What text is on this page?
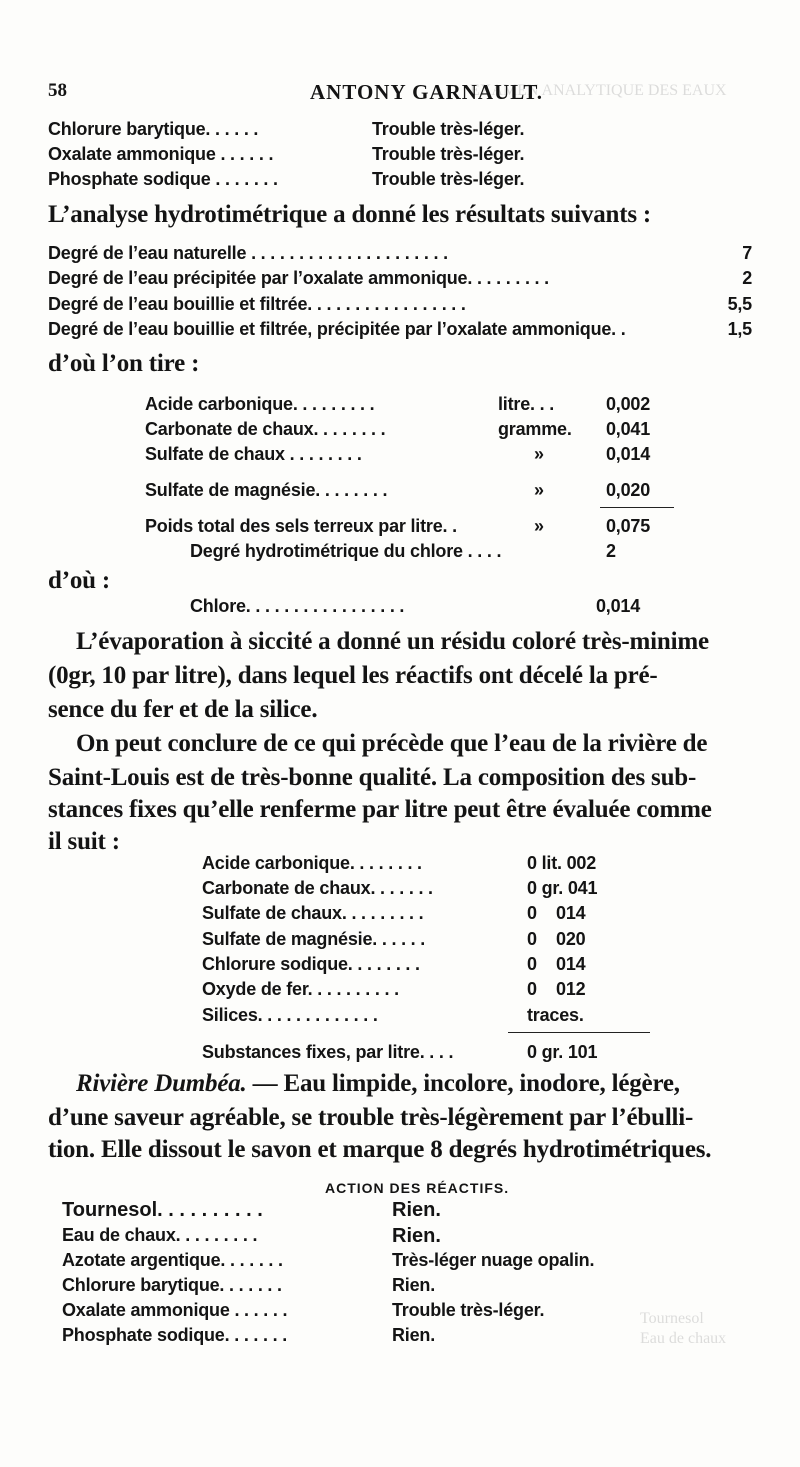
EXAMEN ANALYTIQUE DES EAUX
58	ANTONY GARNAULT.
Chlorure barytique. . . . . .	Trouble très-léger.
Oxalate ammonique . . . . . .	Trouble très-léger.
Phosphate sodique . . . . . . .	Trouble très-léger.
L’analyse hydrotimétrique a donné les résultats suivants :
Degré de l’eau naturelle . . . . . . . . . . . . . . . . . . . . .	7
Degré de l’eau précipitée par l’oxalate ammonique. . . . . . . . .	2
Degré de l’eau bouillie et filtrée. . . . . . . . . . . . . . . . .	5,5
Degré de l’eau bouillie et filtrée, précipitée par l’oxalate ammonique. .	1,5
d’où l’on tire :
Acide carbonique. . . . . . . . .	litre. . .	0,002
Carbonate de chaux. . . . . . . .	gramme. 0,041
Sulfate de chaux . . . . . . . .	»	0,014
Sulfate de magnésie. . . . . . . .	»	0,020
Poids total des sels terreux par litre. .	»	0,075
Degré hydrotimétrique du chlore . . . .	2
d’où :
Chlore. . . . . . . . . . . . . . . . .	0,014
L’évaporation à siccité a donné un résidu coloré très-minime
(0gr, 10 par litre), dans lequel les réactifs ont décelé la pré-
sence du fer et de la silice.
On peut conclure de ce qui précède que l’eau de la rivière de
Saint-Louis est de très-bonne qualité. La composition des sub-
stances fixes qu’elle renferme par litre peut être évaluée comme
il suit :
Acide carbonique. . . . . . . .	0 lit. 002
Carbonate de chaux. . . . . . .	0 gr. 041
Sulfate de chaux. . . . . . . . .	0    014
Sulfate de magnésie. . . . . .	0    020
Chlorure sodique. . . . . . . .	0    014
Oxyde de fer. . . . . . . . . .	0    012
Silices. . . . . . . . . . . . .	traces.
Substances fixes, par litre. . . .	0 gr. 101
Rivière Dumbéa. — Eau limpide, incolore, inodore, légère,
d’une saveur agréable, se trouble très-légèrement par l’ébulli-
tion. Elle dissout le savon et marque 8 degrés hydrotimétriques.
ACTION DES RÉACTIFS.
Tournesol. . . . . . . . . .	Rien.
Eau de chaux. . . . . . . . .	Rien.
Azotate argentique. . . . . . .	Très-léger nuage opalin.
Chlorure barytique. . . . . . .	Rien.
Oxalate ammonique . . . . . .	Trouble très-léger.
Phosphate sodique. . . . . . .	Rien.
Tournesol
Eau de chaux
